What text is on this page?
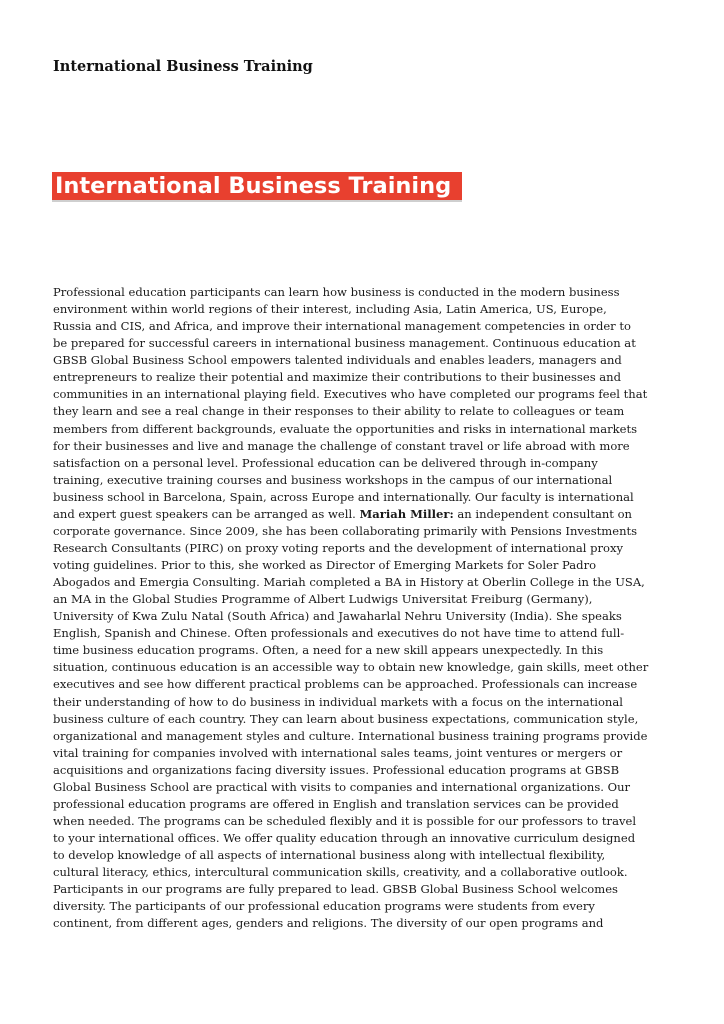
International Business Training
International Business Training
Professional education participants can learn how business is conducted in the modern business
environment within world regions of their interest, including Asia, Latin America, US, Europe,
Russia and CIS, and Africa, and improve their international management competencies in order to
be prepared for successful careers in international business management. Continuous education at
GBSB Global Business School empowers talented individuals and enables leaders, managers and
entrepreneurs to realize their potential and maximize their contributions to their businesses and
communities in an international playing field. Executives who have completed our programs feel that
they learn and see a real change in their responses to their ability to relate to colleagues or team
members from different backgrounds, evaluate the opportunities and risks in international markets
for their businesses and live and manage the challenge of constant travel or life abroad with more
satisfaction on a personal level. Professional education can be delivered through in-company
training, executive training courses and business workshops in the campus of our international
business school in Barcelona, Spain, across Europe and internationally. Our faculty is international
and expert guest speakers can be arranged as well. Mariah Miller: an independent consultant on
corporate governance. Since 2009, she has been collaborating primarily with Pensions Investments
Research Consultants (PIRC) on proxy voting reports and the development of international proxy
voting guidelines. Prior to this, she worked as Director of Emerging Markets for Soler Padro
Abogados and Emergia Consulting. Mariah completed a BA in History at Oberlin College in the USA,
an MA in the Global Studies Programme of Albert Ludwigs Universitat Freiburg (Germany),
University of Kwa Zulu Natal (South Africa) and Jawaharlal Nehru University (India). She speaks
English, Spanish and Chinese. Often professionals and executives do not have time to attend full-
time business education programs. Often, a need for a new skill appears unexpectedly. In this
situation, continuous education is an accessible way to obtain new knowledge, gain skills, meet other
executives and see how different practical problems can be approached. Professionals can increase
their understanding of how to do business in individual markets with a focus on the international
business culture of each country. They can learn about business expectations, communication style,
organizational and management styles and culture. International business training programs provide
vital training for companies involved with international sales teams, joint ventures or mergers or
acquisitions and organizations facing diversity issues. Professional education programs at GBSB
Global Business School are practical with visits to companies and international organizations. Our
professional education programs are offered in English and translation services can be provided
when needed. The programs can be scheduled flexibly and it is possible for our professors to travel
to your international offices. We offer quality education through an innovative curriculum designed
to develop knowledge of all aspects of international business along with intellectual flexibility,
cultural literacy, ethics, intercultural communication skills, creativity, and a collaborative outlook.
Participants in our programs are fully prepared to lead. GBSB Global Business School welcomes
diversity. The participants of our professional education programs were students from every
continent, from different ages, genders and religions. The diversity of our open programs and
